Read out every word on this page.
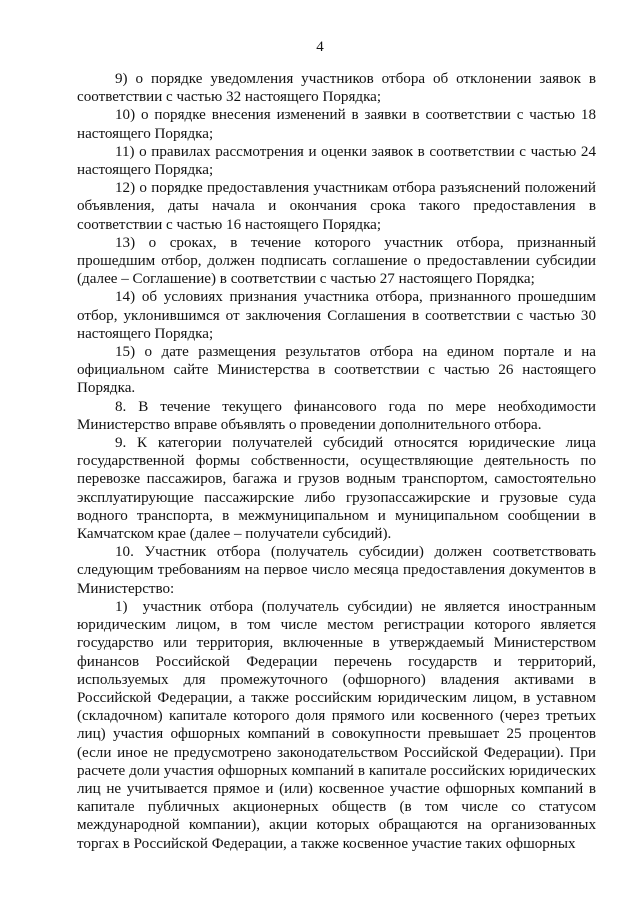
4

9) о порядке уведомления участников отбора об отклонении заявок в соответствии с частью 32 настоящего Порядка;

10) о порядке внесения изменений в заявки в соответствии с частью 18 настоящего Порядка;

11) о правилах рассмотрения и оценки заявок в соответствии с частью 24 настоящего Порядка;

12) о порядке предоставления участникам отбора разъяснений положений объявления, даты начала и окончания срока такого предоставления в соответствии с частью 16 настоящего Порядка;

13) о сроках, в течение которого участник отбора, признанный прошедшим отбор, должен подписать соглашение о предоставлении субсидии (далее – Соглашение) в соответствии с частью 27 настоящего Порядка;

14) об условиях признания участника отбора, признанного прошедшим отбор, уклонившимся от заключения Соглашения в соответствии с частью 30 настоящего Порядка;

15) о дате размещения результатов отбора на едином портале и на официальном сайте Министерства в соответствии с частью 26 настоящего Порядка.

8. В течение текущего финансового года по мере необходимости Министерство вправе объявлять о проведении дополнительного отбора.

9. К категории получателей субсидий относятся юридические лица государственной формы собственности, осуществляющие деятельность по перевозке пассажиров, багажа и грузов водным транспортом, самостоятельно эксплуатирующие пассажирские либо грузопассажирские и грузовые суда водного транспорта, в межмуниципальном и муниципальном сообщении в Камчатском крае (далее – получатели субсидий).

10. Участник отбора (получатель субсидии) должен соответствовать следующим требованиям на первое число месяца предоставления документов в Министерство:

1) участник отбора (получатель субсидии) не является иностранным юридическим лицом, в том числе местом регистрации которого является государство или территория, включенные в утверждаемый Министерством финансов Российской Федерации перечень государств и территорий, используемых для промежуточного (офшорного) владения активами в Российской Федерации, а также российским юридическим лицом, в уставном (складочном) капитале которого доля прямого или косвенного (через третьих лиц) участия офшорных компаний в совокупности превышает 25 процентов (если иное не предусмотрено законодательством Российской Федерации). При расчете доли участия офшорных компаний в капитале российских юридических лиц не учитывается прямое и (или) косвенное участие офшорных компаний в капитале публичных акционерных обществ (в том числе со статусом международной компании), акции которых обращаются на организованных торгах в Российской Федерации, а также косвенное участие таких офшорных
